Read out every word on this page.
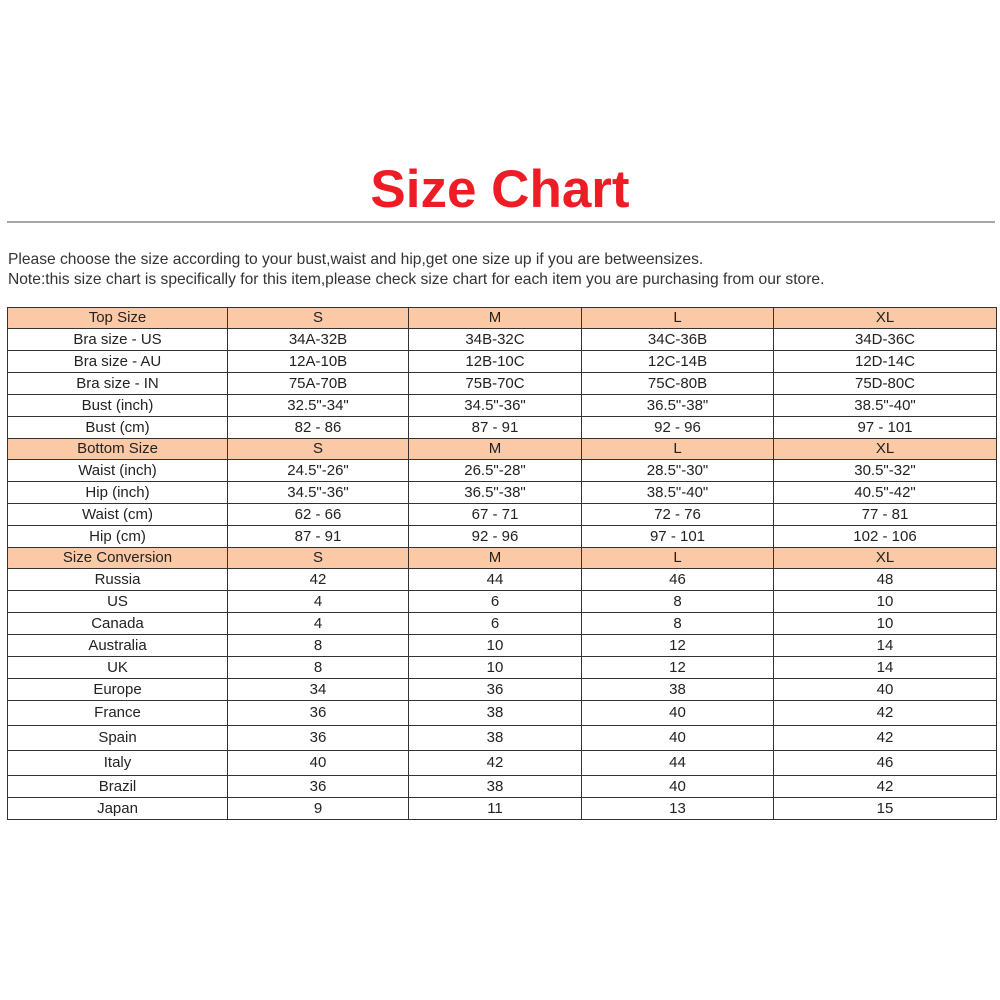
Size Chart
Please choose the size according to your bust,waist and hip,get one size up if you are betweensizes.
Note:this size chart is specifically for this item,please check size chart for each item you are purchasing from our store.
Top Size	S	M	L	XL
Bra size - US	34A-32B	34B-32C	34C-36B	34D-36C
Bra size - AU	12A-10B	12B-10C	12C-14B	12D-14C
Bra size - IN	75A-70B	75B-70C	75C-80B	75D-80C
Bust (inch)	32.5"-34"	34.5"-36"	36.5"-38"	38.5"-40"
Bust (cm)	82 - 86	87 - 91	92 - 96	97 - 101
Bottom Size	S	M	L	XL
Waist (inch)	24.5"-26"	26.5"-28"	28.5"-30"	30.5"-32"
Hip (inch)	34.5"-36"	36.5"-38"	38.5"-40"	40.5"-42"
Waist (cm)	62 - 66	67 - 71	72 - 76	77 - 81
Hip (cm)	87 - 91	92 - 96	97 - 101	102 - 106
Size Conversion	S	M	L	XL
Russia	42	44	46	48
US	4	6	8	10
Canada	4	6	8	10
Australia	8	10	12	14
UK	8	10	12	14
Europe	34	36	38	40
France	36	38	40	42
Spain	36	38	40	42
Italy	40	42	44	46
Brazil	36	38	40	42
Japan	9	11	13	15
